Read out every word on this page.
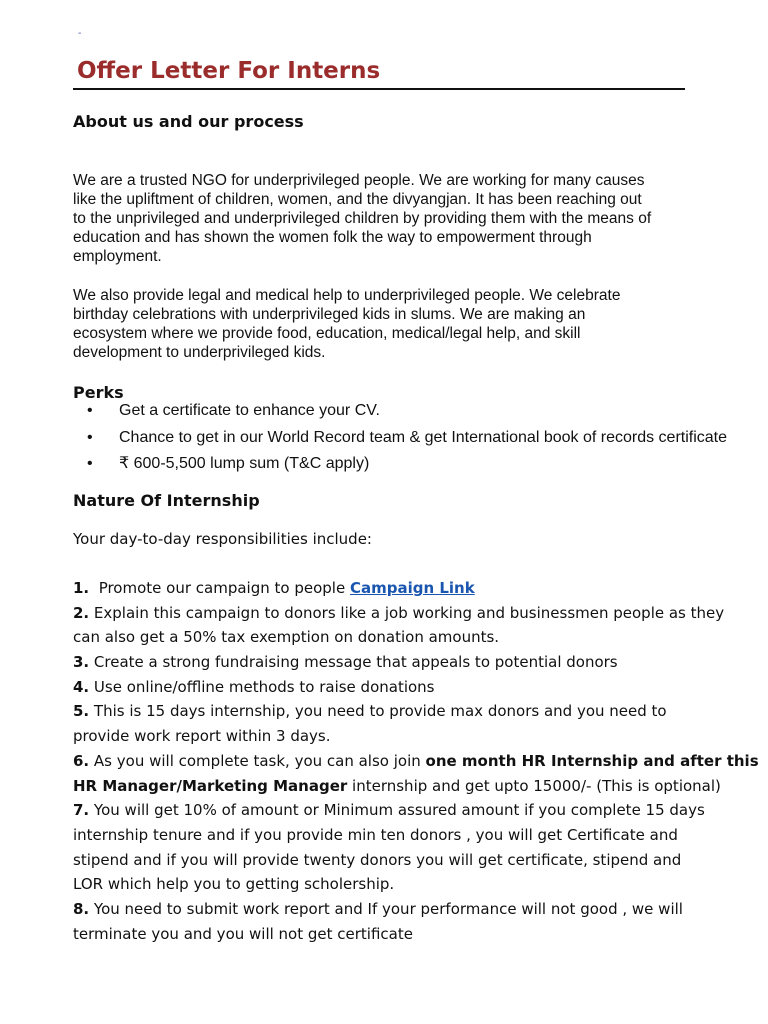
-
Offer Letter For Interns
About us and our process

We are a trusted NGO for underprivileged people. We are working for many causes
like the upliftment of children, women, and the divyangjan. It has been reaching out
to the unprivileged and underprivileged children by providing them with the means of
education and has shown the women folk the way to empowerment through
employment.

We also provide legal and medical help to underprivileged people. We celebrate
birthday celebrations with underprivileged kids in slums. We are making an
ecosystem where we provide food, education, medical/legal help, and skill
development to underprivileged kids.

Perks
• Get a certificate to enhance your CV.
• Chance to get in our World Record team & get International book of records certificate
• ₹ 600-5,500 lump sum (T&C apply)
Nature Of Internship

Your day-to-day responsibilities include:

1. Promote our campaign to people Campaign Link
2. Explain this campaign to donors like a job working and businessmen people as they
can also get a 50% tax exemption on donation amounts.
3. Create a strong fundraising message that appeals to potential donors
4. Use online/offline methods to raise donations
5. This is 15 days internship, you need to provide max donors and you need to
provide work report within 3 days.
6. As you will complete task, you can also join one month HR Internship and after this
HR Manager/Marketing Manager internship and get upto 15000/- (This is optional)
7. You will get 10% of amount or Minimum assured amount if you complete 15 days
internship tenure and if you provide min ten donors , you will get Certificate and
stipend and if you will provide twenty donors you will get certificate, stipend and
LOR which help you to getting scholership.
8. You need to submit work report and If your performance will not good , we will
terminate you and you will not get certificate
